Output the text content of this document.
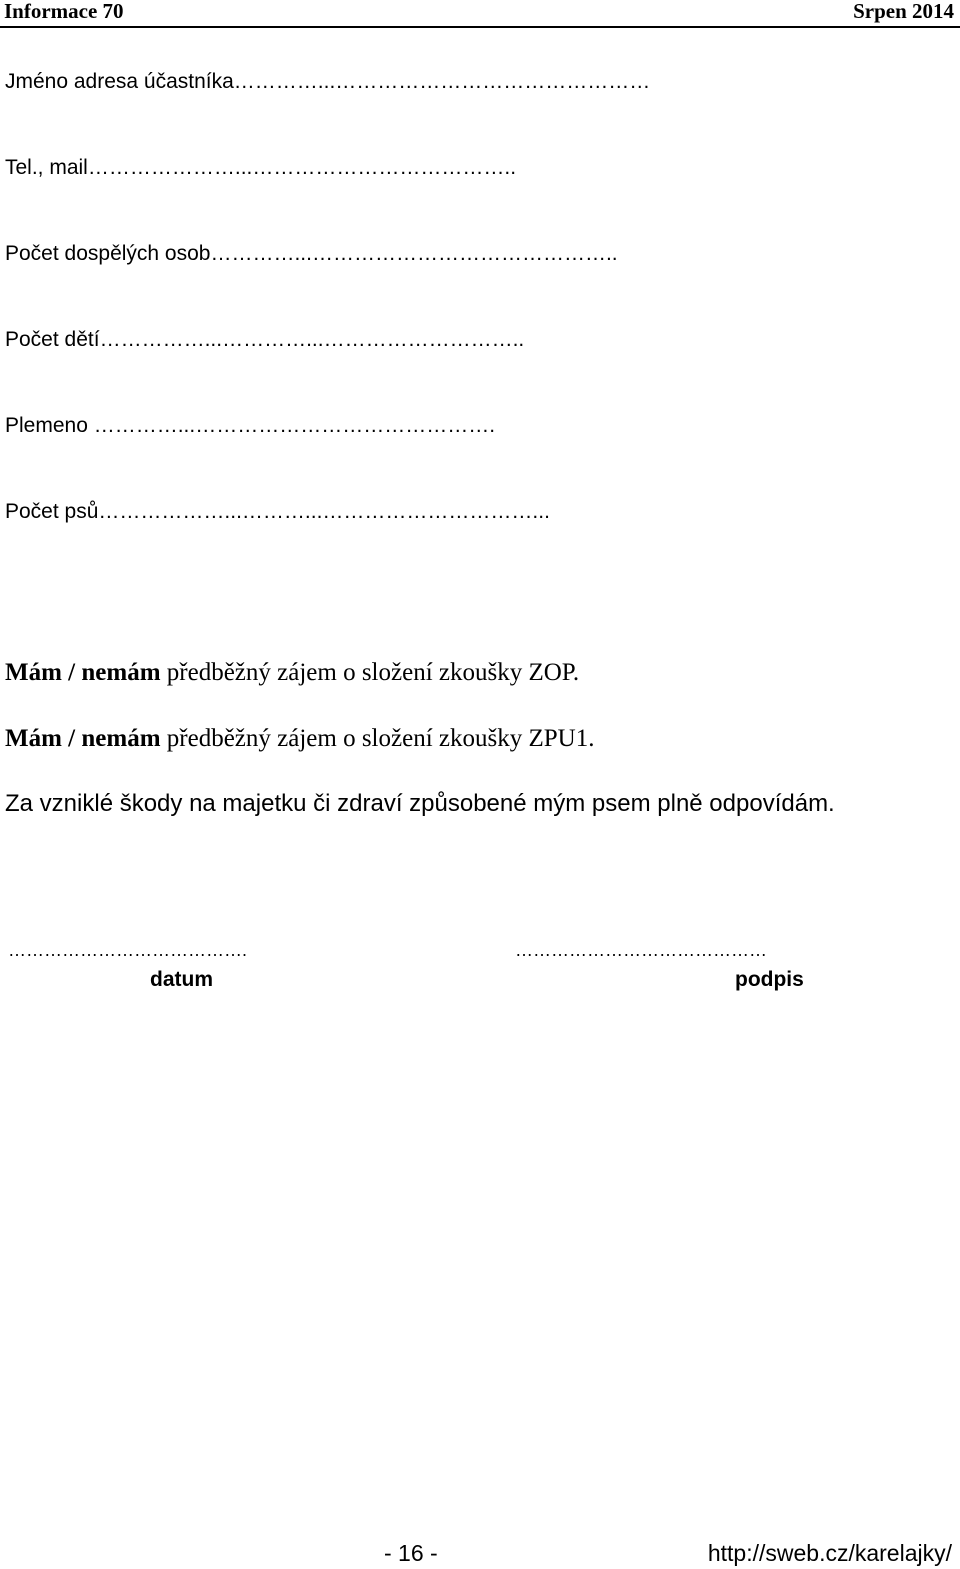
Informace 70	Srpen 2014
Jméno adresa účastníka…………...………………………………………
Tel., mail…………………...………………………………..
Počet dospělých osob…………...……………………………………..
Počet dětí……………...…………...………………………..
Plemeno …………...…………………………………….
Počet psů………………...………...…………………………...
Mám / nemám předběžný zájem o složení zkoušky ZOP.
Mám / nemám předběžný zájem o složení zkoušky ZPU1.
Za vzniklé škody na majetku či zdraví způsobené mým psem plně odpovídám.
………………………………….
datum
……………………………………
podpis
- 16 -	http://sweb.cz/karelajky/
